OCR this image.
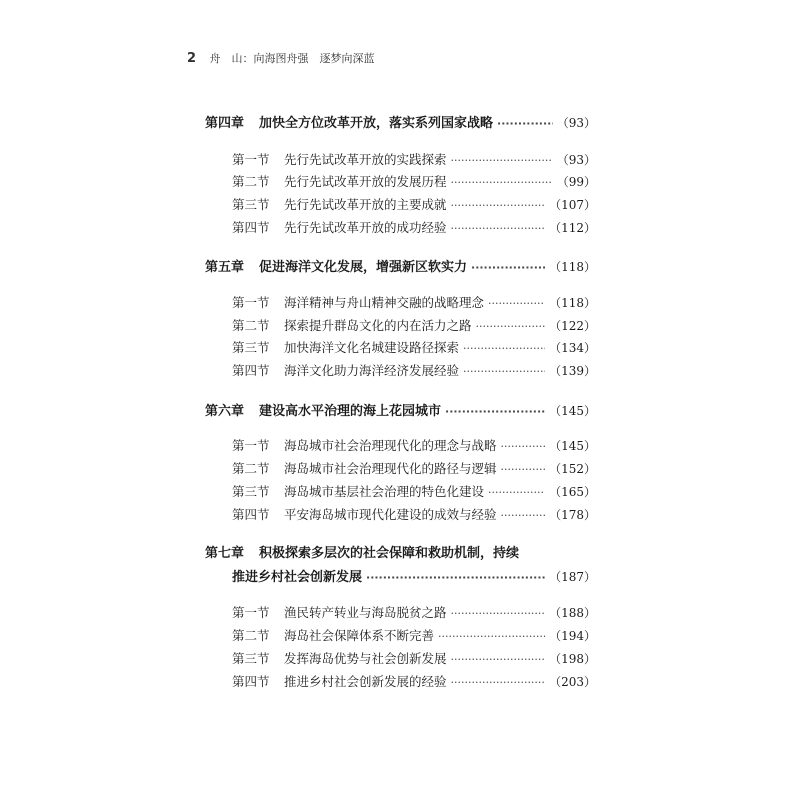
2 舟　山：向海图舟强　逐梦向深蓝
第四章	加快全方位改革开放，落实系列国家战略 ·····	（93）
第一节	先行先试改革开放的实践探索 ·····	（93）
第二节	先行先试改革开放的发展历程 ·····	（99）
第三节	先行先试改革开放的主要成就 ·····	（107）
第四节	先行先试改革开放的成功经验 ·····	（112）
第五章	促进海洋文化发展，增强新区软实力 ·····	（118）
第一节	海洋精神与舟山精神交融的战略理念 ·····	（118）
第二节	探索提升群岛文化的内在活力之路 ·····	（122）
第三节	加快海洋文化名城建设路径探索 ·····	（134）
第四节	海洋文化助力海洋经济发展经验 ·····	（139）
第六章	建设高水平治理的海上花园城市 ·····	（145）
第一节	海岛城市社会治理现代化的理念与战略 ·····	（145）
第二节	海岛城市社会治理现代化的路径与逻辑 ·····	（152）
第三节	海岛城市基层社会治理的特色化建设 ·····	（165）
第四节	平安海岛城市现代化建设的成效与经验 ·····	（178）
第七章	积极探索多层次的社会保障和救助机制，持续
推进乡村社会创新发展 ·····	（187）
第一节	渔民转产转业与海岛脱贫之路 ·····	（188）
第二节	海岛社会保障体系不断完善 ·····	（194）
第三节	发挥海岛优势与社会创新发展 ·····	（198）
第四节	推进乡村社会创新发展的经验 ·····	（203）
